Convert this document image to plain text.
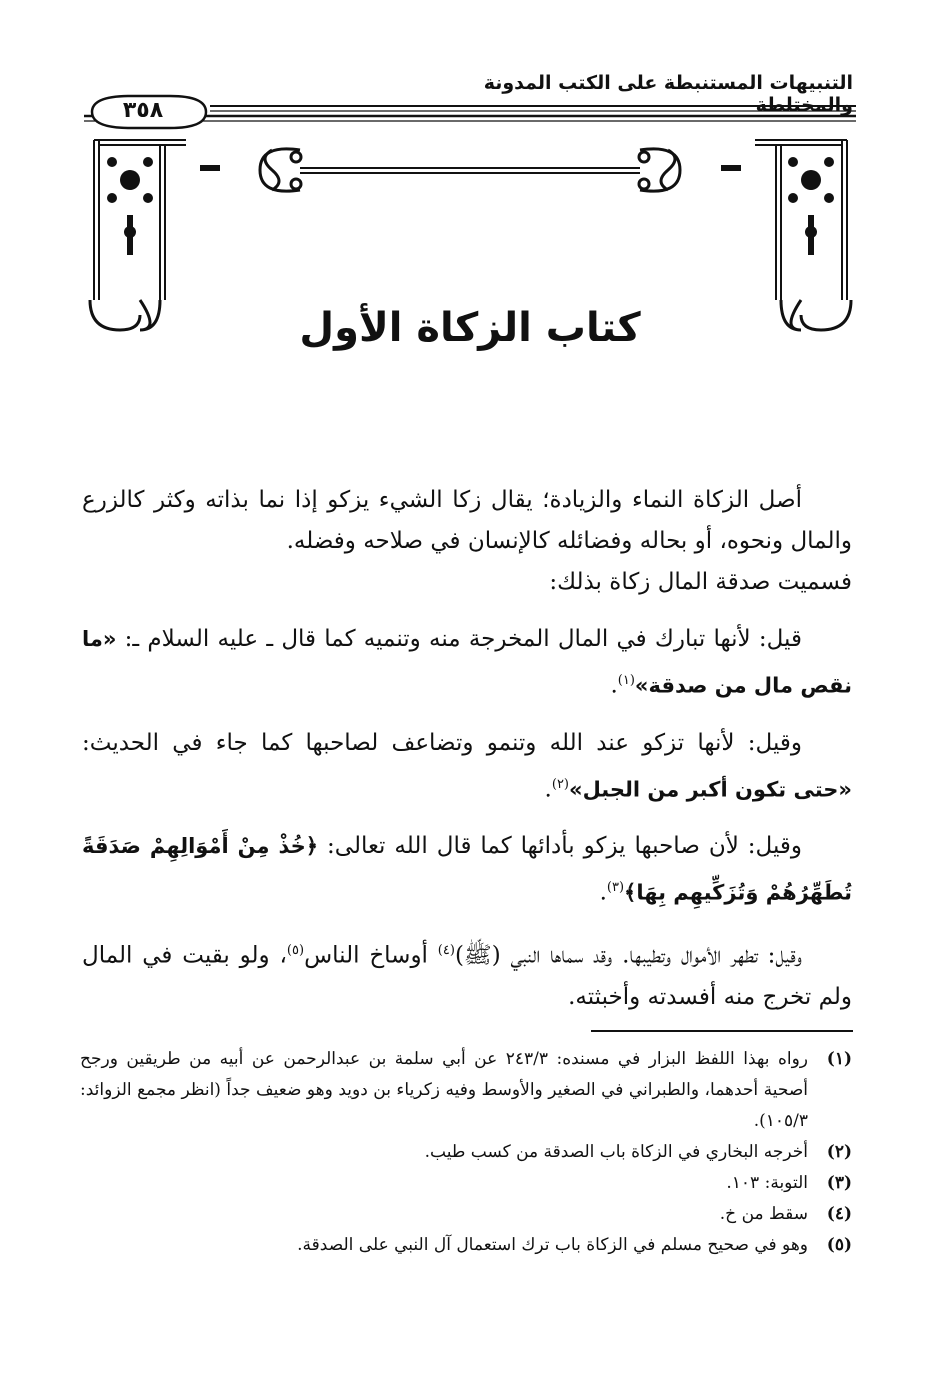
التنبيهات المستنبطة على الكتب المدونة والمختلطة
٣٥٨
كتاب الزكاة الأول

أصل الزكاة النماء والزيادة؛ يقال زكا الشيء يزكو إذا نما بذاته وكثر كالزرع والمال ونحوه، أو بحاله وفضائله كالإنسان في صلاحه وفضله.

فسميت صدقة المال زكاة بذلك:

قيل: لأنها تبارك في المال المخرجة منه وتنميه كما قال ـ عليه السلام ـ: «ما نقص مال من صدقة»$^{(١)}$.

وقيل: لأنها تزكو عند الله وتنمو وتضاعف لصاحبها كما جاء في الحديث: «حتى تكون أكبر من الجبل»$^{(٢)}$.

وقيل: لأن صاحبها يزكو بأدائها كما قال الله تعالى: ﴿خُذْ مِنْ أَمْوَالِهِمْ صَدَقَةً تُطَهِّرُهُمْ وَتُزَكِّيهِم بِهَا﴾$^{(٣)}$.

وقيل: تطهر الأموال وتطيبها. وقد سماها النبي (ﷺ)$^{(٤)}$ أوساخ الناس$^{(٥)}$، ولو بقيت في المال ولم تخرج منه أفسدته وأخبثته.

(١)
رواه بهذا اللفظ البزار في مسنده: ٢٤٣/٣ عن أبي سلمة بن عبدالرحمن عن أبيه من طريقين ورجح أصحية أحدهما، والطبراني في الصغير والأوسط وفيه زكرياء بن دويد وهو ضعيف جداً (انظر مجمع الزوائد: ١٠٥/٣).
(٢)
أخرجه البخاري في الزكاة باب الصدقة من كسب طيب.
(٣)
التوبة: ١٠٣.
(٤)
سقط من خ.
(٥)
وهو في صحيح مسلم في الزكاة باب ترك استعمال آل النبي على الصدقة.
